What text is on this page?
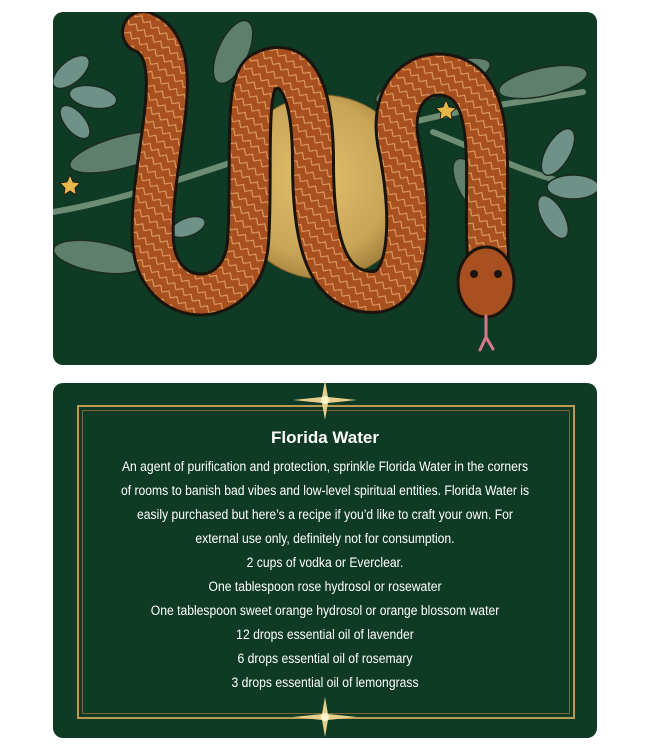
Florida Water
An agent of purification and protection, sprinkle Florida Water in the corners of rooms to banish bad vibes and low-level spiritual entities. Florida Water is easily purchased but here’s a recipe if you’d like to craft your own. For external use only, definitely not for consumption.
2 cups of vodka or Everclear.
One tablespoon rose hydrosol or rosewater
One tablespoon sweet orange hydrosol or orange blossom water
12 drops essential oil of lavender
6 drops essential oil of rosemary
3 drops essential oil of lemongrass
